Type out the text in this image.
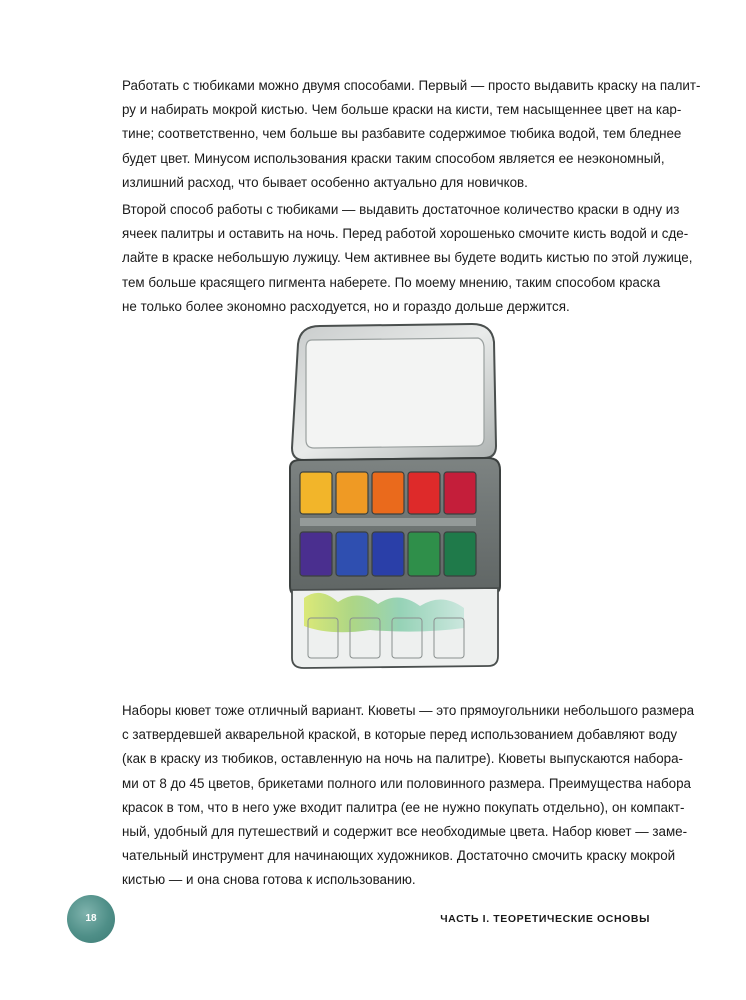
Работать с тюбиками можно двумя способами. Первый — просто выдавить краску на палит-
ру и набирать мокрой кистью. Чем больше краски на кисти, тем насыщеннее цвет на кар-
тине; соответственно, чем больше вы разбавите содержимое тюбика водой, тем бледнее
будет цвет. Минусом использования краски таким способом является ее неэкономный,
излишний расход, что бывает особенно актуально для новичков.
Второй способ работы с тюбиками — выдавить достаточное количество краски в одну из
ячеек палитры и оставить на ночь. Перед работой хорошенько смочите кисть водой и сде-
лайте в краске небольшую лужицу. Чем активнее вы будете водить кистью по этой лужице,
тем больше красящего пигмента наберете. По моему мнению, таким способом краска
не только более экономно расходуется, но и гораздо дольше держится.
Наборы кювет тоже отличный вариант. Кюветы — это прямоугольники небольшого размера
с затвердевшей акварельной краской, в которые перед использованием добавляют воду
(как в краску из тюбиков, оставленную на ночь на палитре). Кюветы выпускаются набора-
ми от 8 до 45 цветов, брикетами полного или половинного размера. Преимущества набора
красок в том, что в него уже входит палитра (ее не нужно покупать отдельно), он компакт-
ный, удобный для путешествий и содержит все необходимые цвета. Набор кювет — заме-
чательный инструмент для начинающих художников. Достаточно смочить краску мокрой
кистью — и она снова готова к использованию.
18	ЧАСТЬ I. ТЕОРЕТИЧЕСКИЕ ОСНОВЫ
